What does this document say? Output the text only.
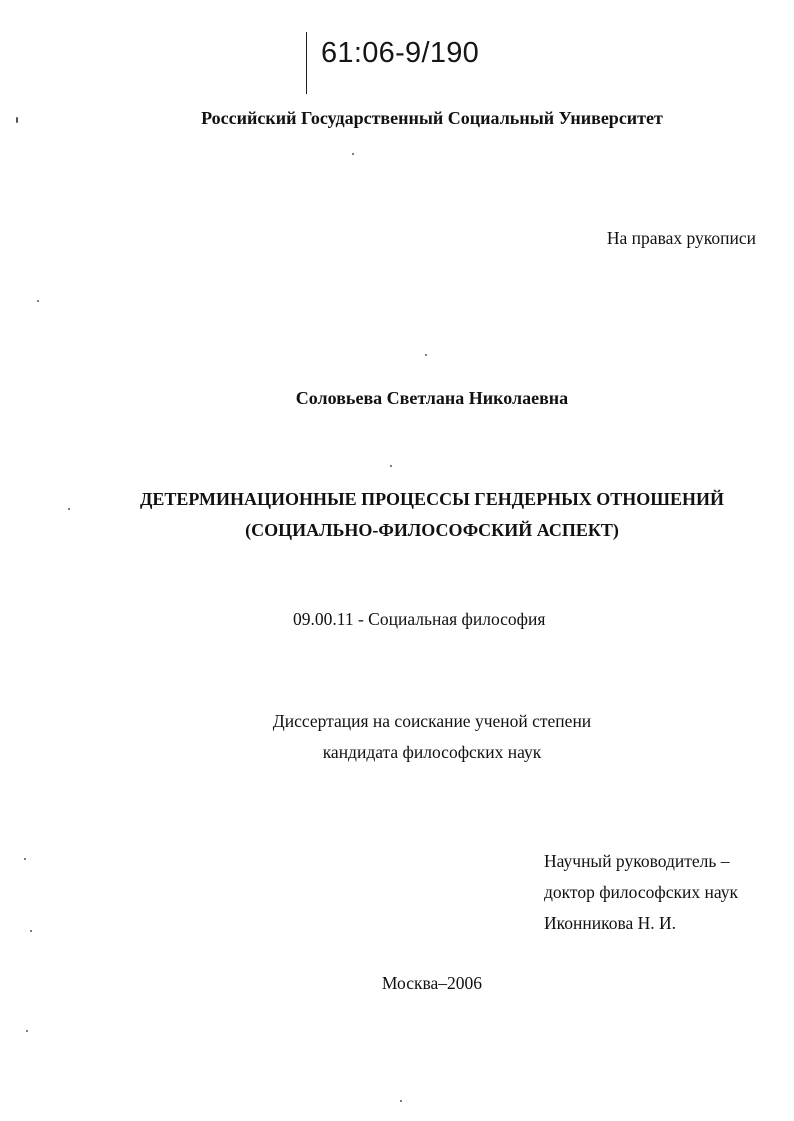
61:06-9/190
Российский Государственный Социальный Университет
На правах рукописи
Соловьева Светлана Николаевна
ДЕТЕРМИНАЦИОННЫЕ ПРОЦЕССЫ ГЕНДЕРНЫХ ОТНОШЕНИЙ
(СОЦИАЛЬНО-ФИЛОСОФСКИЙ АСПЕКТ)
09.00.11 - Социальная философия
Диссертация на соискание ученой степени
кандидата философских наук
Научный руководитель –
доктор философских наук
Иконникова Н. И.
Москва–2006
